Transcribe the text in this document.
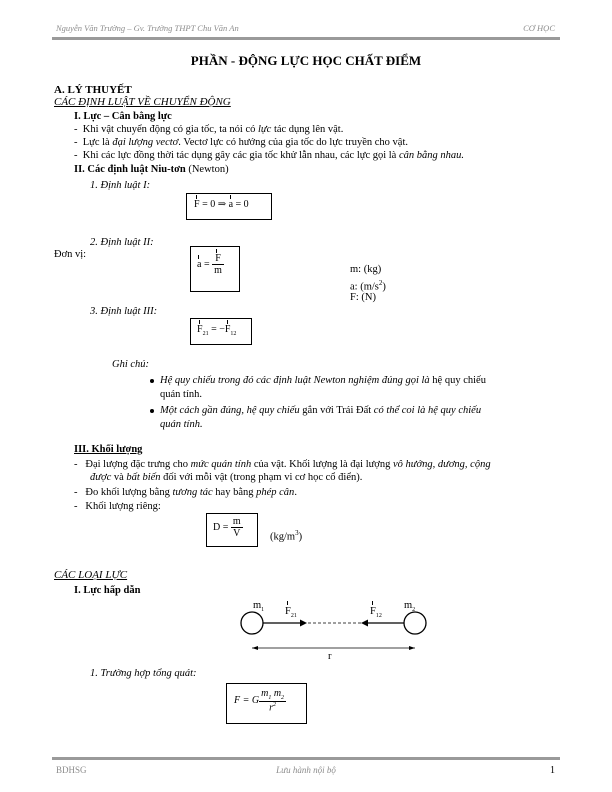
Nguyễn Văn Trường – Gv. Trường THPT Chu Văn An	CƠ HỌC
PHẦN - ĐỘNG LỰC HỌC CHẤT ĐIỂM
A. LÝ THUYẾT
CÁC ĐỊNH LUẬT VỀ CHUYỂN ĐỘNG
I. Lực – Cân bằng lực
-  Khi vật chuyển động có gia tốc, ta nói có lực tác dụng lên vật.
-  Lực là đại lượng vectơ. Vectơ lực có hướng của gia tốc do lực truyền cho vật.
-  Khi các lực đồng thời tác dụng gây các gia tốc khử lẫn nhau, các lực gọi là cân bằng nhau.
II. Các định luật Niu-tơn (Newton)
1. Định luật I:
F = 0 ⇒ a = 0
2. Định luật II:
Đơn vị:
$a = \frac{F}{m}$	m: (kg)
a: $(m/s^2)$
F: (N)
3. Định luật III:
$F_{21} = -F_{12}$
Ghi chú:
Hệ quy chiếu trong đó các định luật Newton nghiệm đúng gọi là hệ quy chiếu
quán tính.
Một cách gần đúng, hệ quy chiếu gắn với Trái Đất có thể coi là hệ quy chiếu
quán tính.
III. Khối lượng
-   Đại lượng đặc trưng cho mức quán tính của vật. Khối lượng là đại lượng vô hướng, dương, cộng
được và bất biến đối với mỗi vật (trong phạm vi cơ học cổ điển).
-   Đo khối lượng bằng tương tác hay bằng phép cân.
-   Khối lượng riêng:
$D = \frac{m}{V}$	$(kg/m^3)$
CÁC LOẠI LỰC
I. Lực hấp dẫn
$m_1$	$m_2$
$F_{21}$	$F_{12}$
r
1. Trường hợp tổng quát:
F = G $\frac{m_1 m_2}{r^2}$
BDHSG	Lưu hành nội bộ	1
